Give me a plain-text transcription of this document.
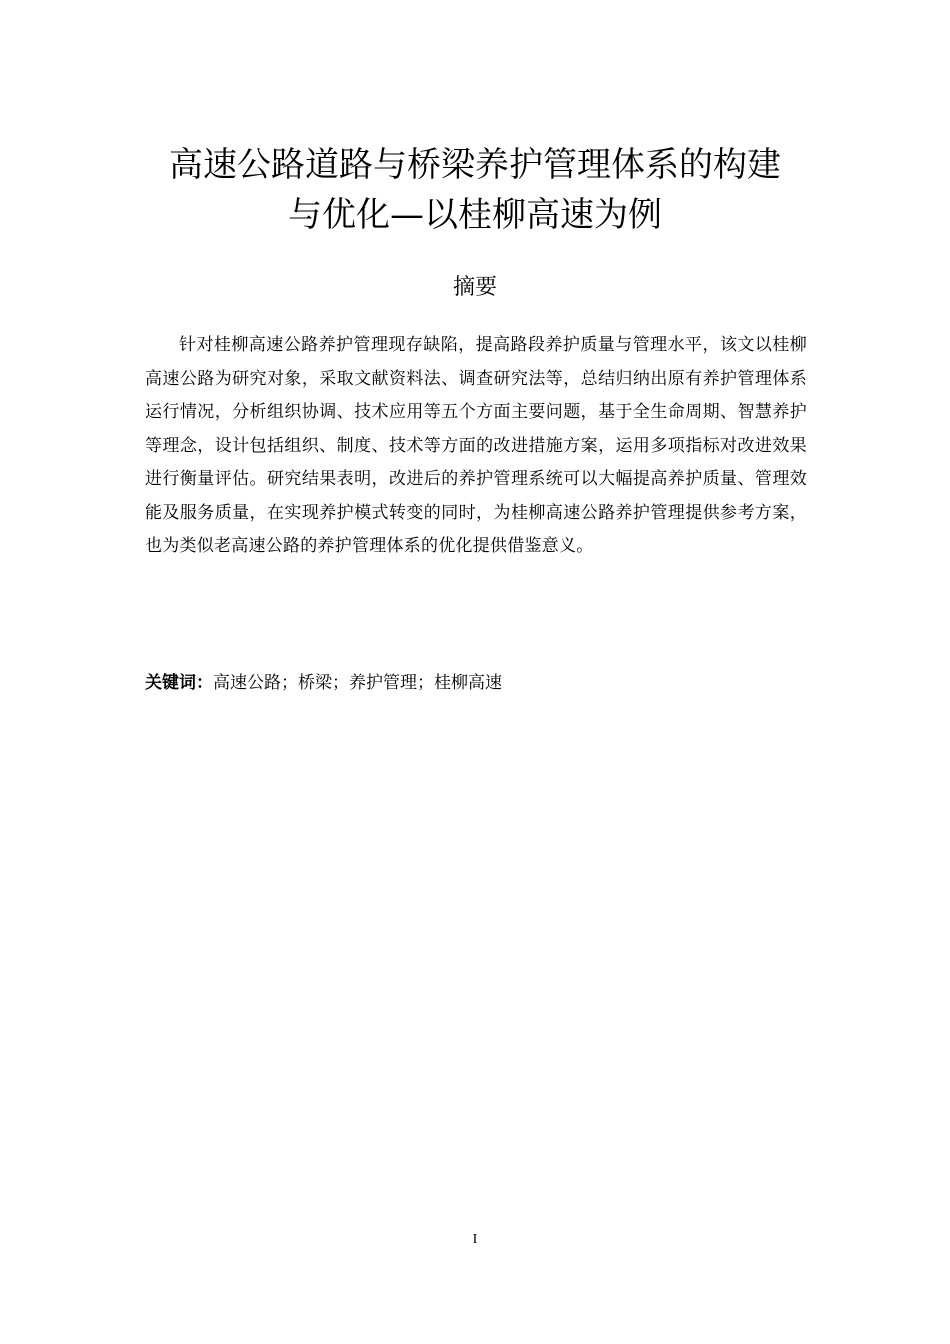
高速公路道路与桥梁养护管理体系的构建
与优化—以桂柳高速为例
摘要

针对桂柳高速公路养护管理现存缺陷，提高路段养护质量与管理水平，该文以桂柳高速公路为研究对象，采取文献资料法、调查研究法等，总结归纳出原有养护管理体系运行情况，分析组织协调、技术应用等五个方面主要问题，基于全生命周期、智慧养护等理念，设计包括组织、制度、技术等方面的改进措施方案，运用多项指标对改进效果进行衡量评估。研究结果表明，改进后的养护管理系统可以大幅提高养护质量、管理效能及服务质量，在实现养护模式转变的同时，为桂柳高速公路养护管理提供参考方案，也为类似老高速公路的养护管理体系的优化提供借鉴意义。

关键词：高速公路；桥梁；养护管理；桂柳高速

I
